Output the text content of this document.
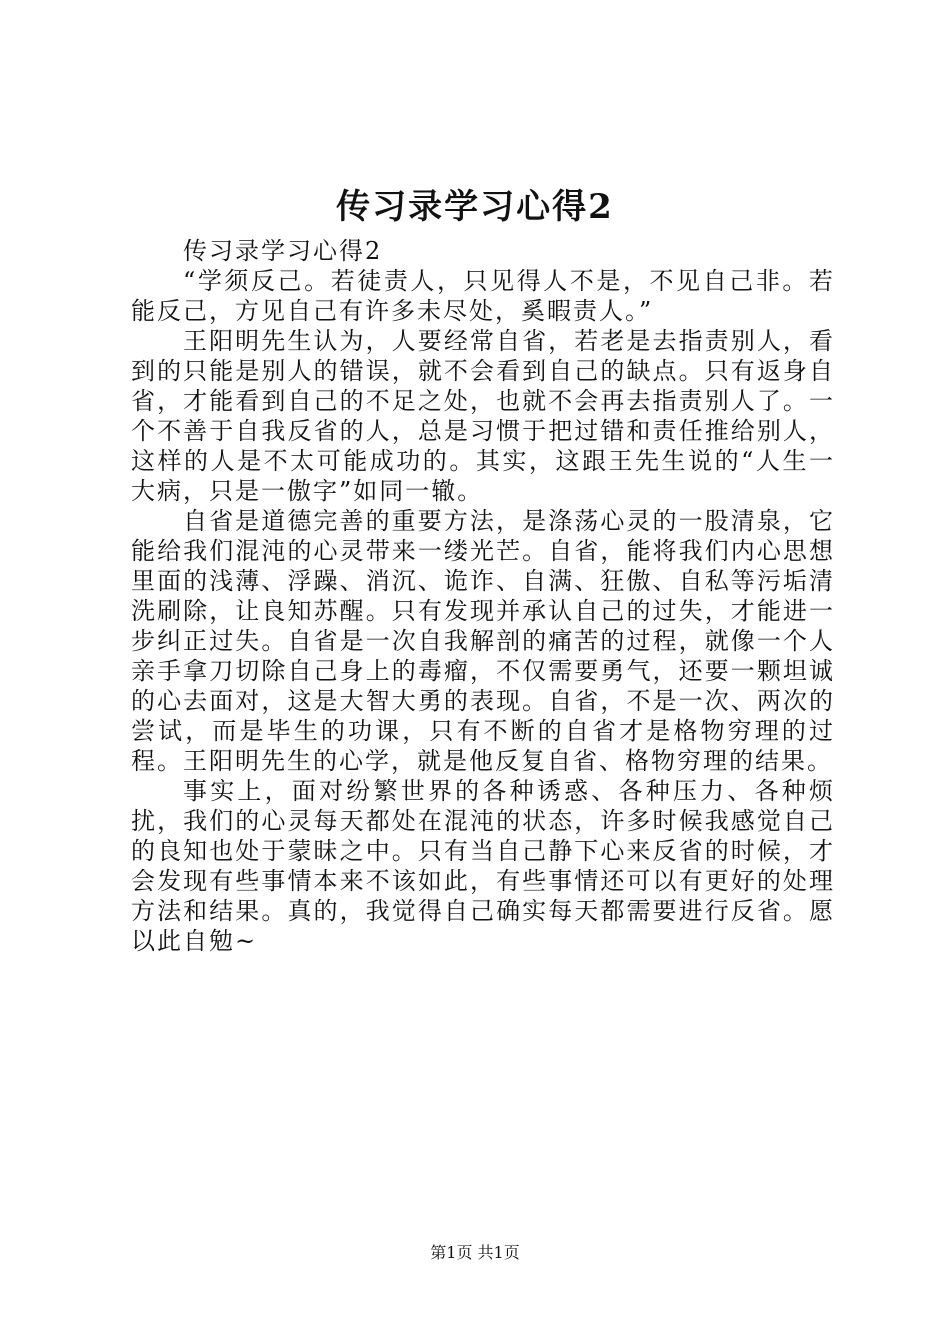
传习录学习心得2

传习录学习心得2

“学须反己。若徒责人，只见得人不是，不见自己非。若能反己，方见自己有许多未尽处，奚暇责人。”

王阳明先生认为，人要经常自省，若老是去指责别人，看到的只能是别人的错误，就不会看到自己的缺点。只有返身自省，才能看到自己的不足之处，也就不会再去指责别人了。一个不善于自我反省的人，总是习惯于把过错和责任推给别人，这样的人是不太可能成功的。其实，这跟王先生说的“人生一大病，只是一傲字”如同一辙。

自省是道德完善的重要方法，是涤荡心灵的一股清泉，它能给我们混沌的心灵带来一缕光芒。自省，能将我们内心思想里面的浅薄、浮躁、消沉、诡诈、自满、狂傲、自私等污垢清洗刷除，让良知苏醒。只有发现并承认自己的过失，才能进一步纠正过失。自省是一次自我解剖的痛苦的过程，就像一个人亲手拿刀切除自己身上的毒瘤，不仅需要勇气，还要一颗坦诚的心去面对，这是大智大勇的表现。自省，不是一次、两次的尝试，而是毕生的功课，只有不断的自省才是格物穷理的过程。王阳明先生的心学，就是他反复自省、格物穷理的结果。

事实上，面对纷繁世界的各种诱惑、各种压力、各种烦扰，我们的心灵每天都处在混沌的状态，许多时候我感觉自己的良知也处于蒙昧之中。只有当自己静下心来反省的时候，才会发现有些事情本来不该如此，有些事情还可以有更好的处理方法和结果。真的，我觉得自己确实每天都需要进行反省。愿以此自勉~

第1页 共1页
